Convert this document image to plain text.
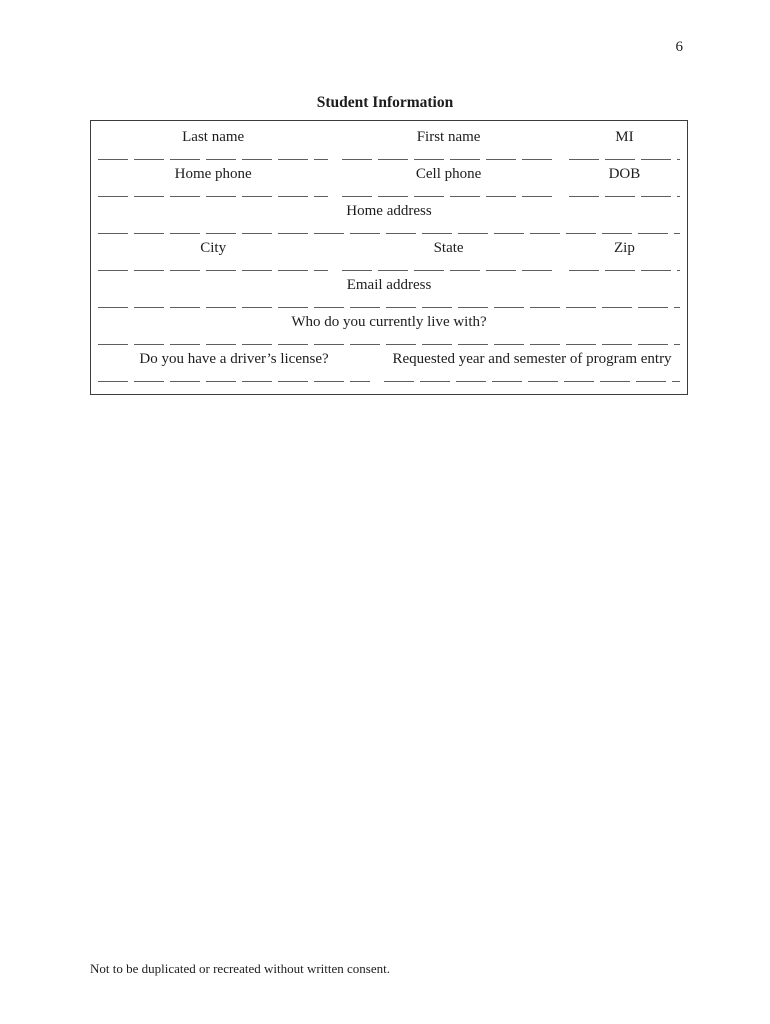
6
Student Information
Last name	First name	MI
Home phone	Cell phone	DOB
Home address
City	State	Zip
Email address
Who do you currently live with?
Do you have a driver’s license?	Requested year and semester of program entry
Not to be duplicated or recreated without written consent.
